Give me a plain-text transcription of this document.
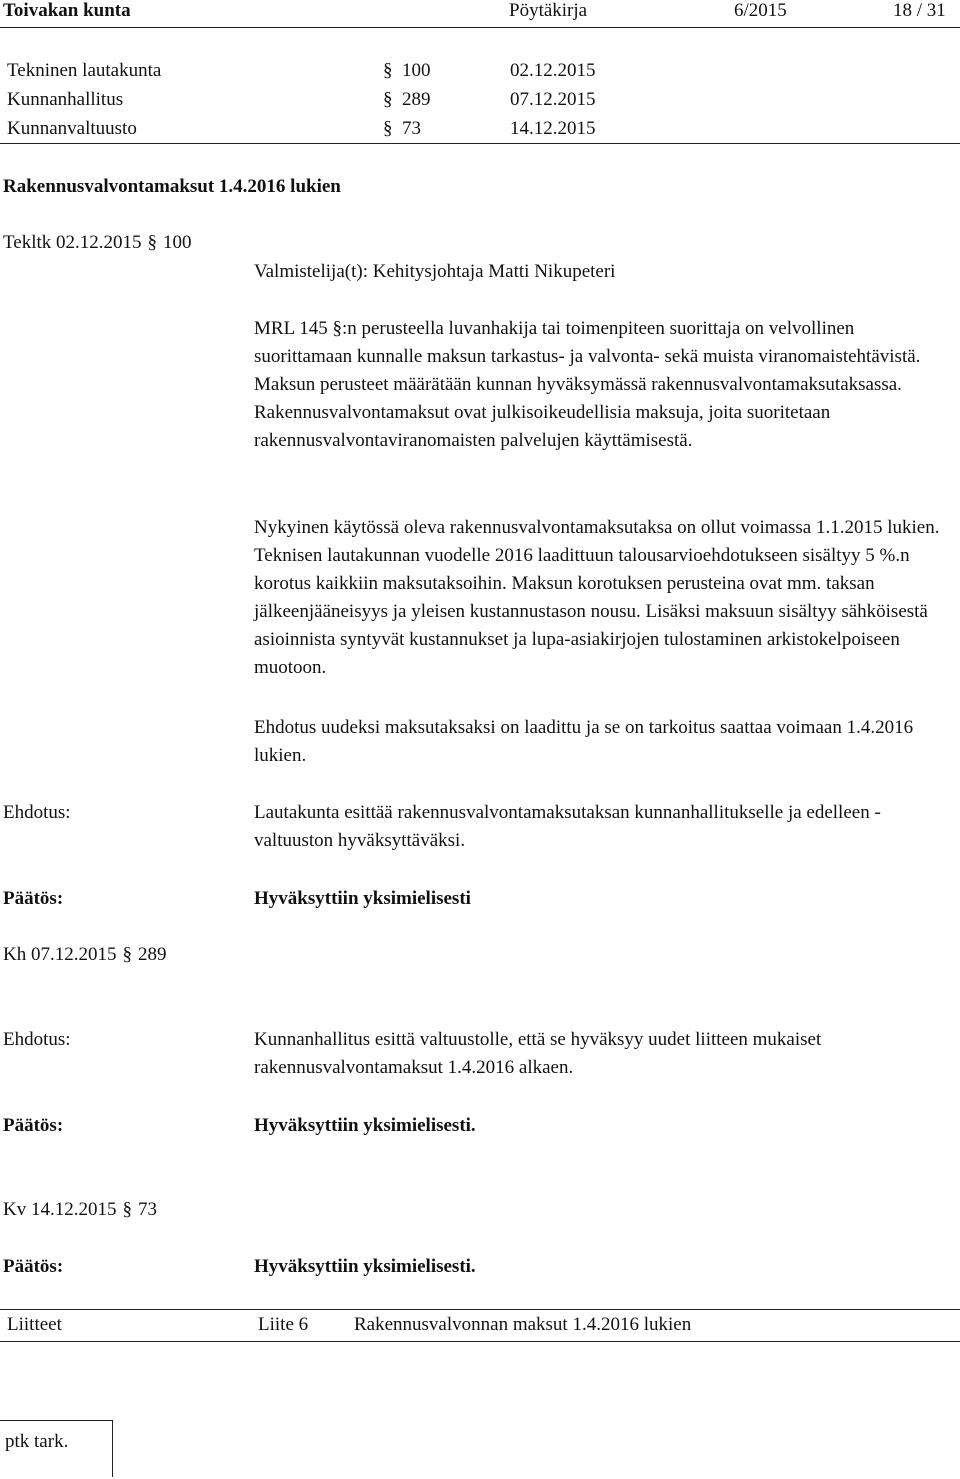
Toivakan kunta	Pöytäkirja	6/2015	18 / 31
Tekninen lautakunta	§ 100	02.12.2015
Kunnanhallitus	§ 289	07.12.2015
Kunnanvaltuusto	§ 73	14.12.2015
Rakennusvalvontamaksut 1.4.2016 lukien
Tekltk 02.12.2015 § 100
Valmistelija(t): Kehitysjohtaja Matti Nikupeteri
MRL 145 §:n perusteella luvanhakija tai toimenpiteen suorittaja on velvollinen suorittamaan kunnalle maksun tarkastus- ja valvonta- sekä muista viranomaistehtävistä. Maksun perusteet määrätään kunnan hyväksymässä rakennusvalvontamaksutaksassa. Rakennusvalvontamaksut ovat julkisoikeudellisia maksuja, joita suoritetaan rakennusvalvontaviranomaisten palvelujen käyttämisestä.
Nykyinen käytössä oleva rakennusvalvontamaksutaksa on ollut voimassa 1.1.2015 lukien. Teknisen lautakunnan vuodelle 2016 laadittuun talousarvioehdotukseen sisältyy 5 %.n korotus kaikkiin maksutaksoihin. Maksun korotuksen perusteina ovat mm. taksan jälkeenjääneisyys ja yleisen kustannustason nousu. Lisäksi maksuun sisältyy sähköisestä asioinnista syntyvät kustannukset ja lupa-asiakirjojen tulostaminen arkistokelpoiseen muotoon.
Ehdotus uudeksi maksutaksaksi on laadittu ja se on tarkoitus saattaa voimaan 1.4.2016 lukien.
Ehdotus:	Lautakunta esittää rakennusvalvontamaksutaksan kunnanhallitukselle ja edelleen -valtuuston hyväksyttäväksi.
Päätös:	Hyväksyttiin yksimielisesti
Kh 07.12.2015 § 289
Ehdotus:	Kunnanhallitus esittä valtuustolle, että se hyväksyy uudet liitteen mukaiset rakennusvalvontamaksut 1.4.2016 alkaen.
Päätös:	Hyväksyttiin yksimielisesti.
Kv 14.12.2015 § 73
Päätös:	Hyväksyttiin yksimielisesti.
Liitteet	Liite 6 Rakennusvalvonnan maksut 1.4.2016 lukien
ptk tark.
